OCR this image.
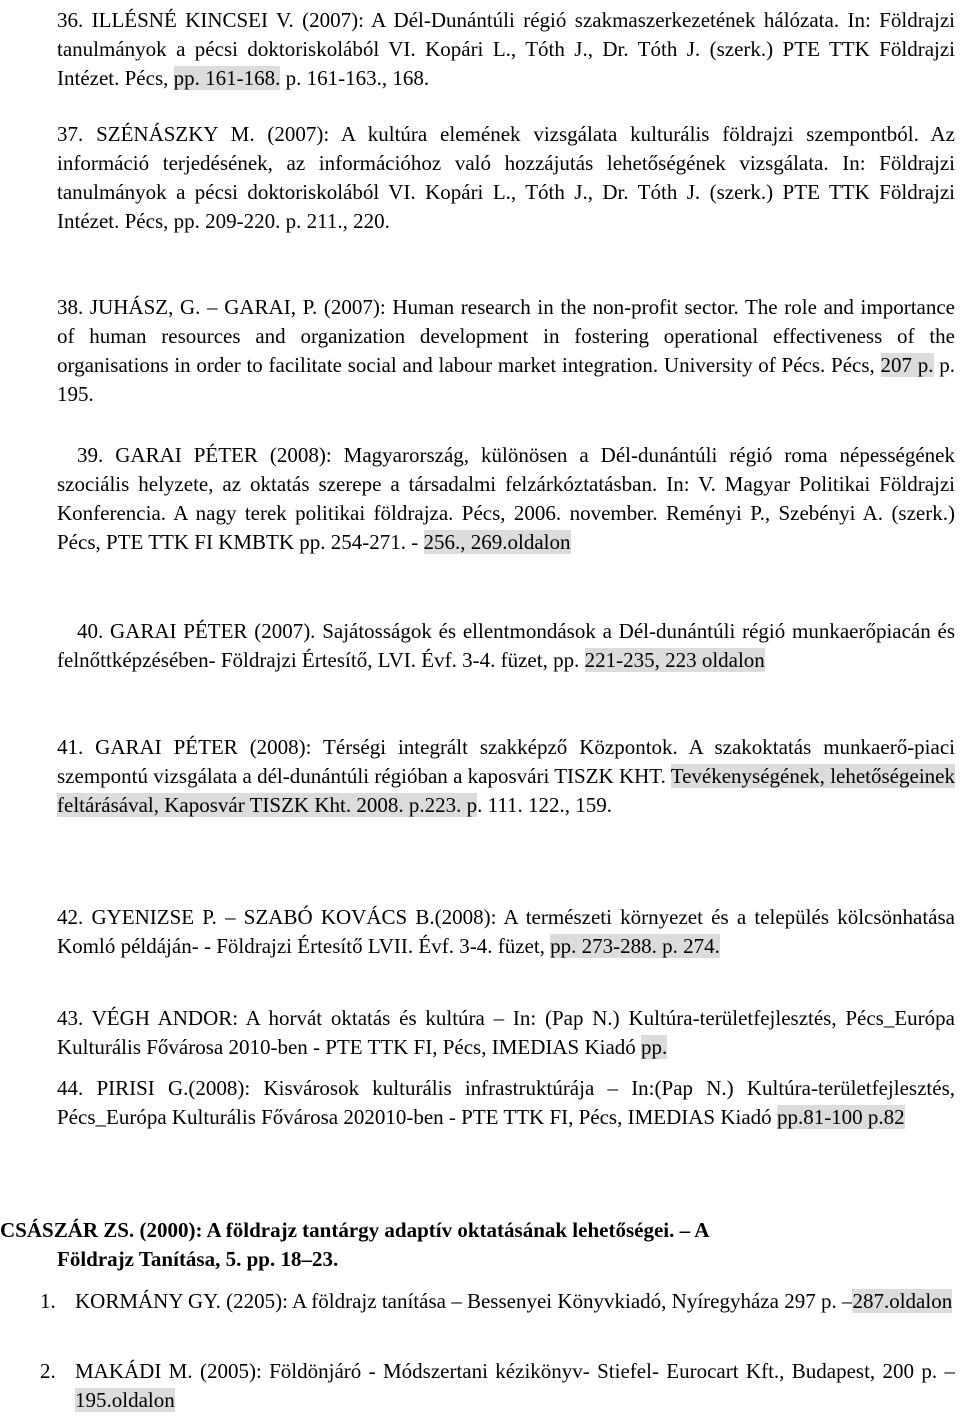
36. ILLÉSNÉ KINCSEI V. (2007): A Dél-Dunántúli régió szakmaszerkezetének hálózata. In: Földrajzi tanulmányok a pécsi doktoriskolából VI. Kopári L., Tóth J., Dr. Tóth J. (szerk.) PTE TTK Földrajzi Intézet. Pécs, pp. 161-168. p. 161-163., 168.

37. SZÉNÁSZKY M. (2007): A kultúra elemének vizsgálata kulturális földrajzi szempontból. Az információ terjedésének, az információhoz való hozzájutás lehetőségének vizsgálata. In: Földrajzi tanulmányok a pécsi doktoriskolából VI. Kopári L., Tóth J., Dr. Tóth J. (szerk.) PTE TTK Földrajzi Intézet. Pécs, pp. 209-220. p. 211., 220.

38. JUHÁSZ, G. – GARAI, P. (2007): Human research in the non-profit sector. The role and importance of human resources and organization development in fostering operational effectiveness of the organisations in order to facilitate social and labour market integration. University of Pécs. Pécs, 207 p. p. 195.

39. GARAI PÉTER (2008): Magyarország, különösen a Dél-dunántúli régió roma népességének szociális helyzete, az oktatás szerepe a társadalmi felzárkóztatásban. In: V. Magyar Politikai Földrajzi Konferencia. A nagy terek politikai földrajza. Pécs, 2006. november. Reményi P., Szebényi A. (szerk.) Pécs, PTE TTK FI KMBTK pp. 254-271. - 256., 269.oldalon

40. GARAI PÉTER (2007). Sajátosságok és ellentmondások a Dél-dunántúli régió munkaerőpiacán és felnőttképzésében- Földrajzi Értesítő, LVI. Évf. 3-4. füzet, pp. 221-235, 223 oldalon

41. GARAI PÉTER (2008): Térségi integrált szakképző Központok. A szakoktatás munkaerő-piaci szempontú vizsgálata a dél-dunántúli régióban a kaposvári TISZK KHT. Tevékenységének, lehetőségeinek feltárásával, Kaposvár TISZK Kht. 2008. p.223. p. 111. 122., 159.

42. GYENIZSE P. – SZABÓ KOVÁCS B.(2008): A természeti környezet és a település kölcsönhatása Komló példáján- - Földrajzi Értesítő LVII. Évf. 3-4. füzet, pp. 273-288. p. 274.

43. VÉGH ANDOR: A horvát oktatás és kultúra – In: (Pap N.) Kultúra-területfejlesztés, Pécs_Európa Kulturális Fővárosa 2010-ben - PTE TTK FI, Pécs, IMEDIAS Kiadó pp.

44. PIRISI G.(2008): Kisvárosok kulturális infrastruktúrája – In:(Pap N.) Kultúra-területfejlesztés, Pécs_Európa Kulturális Fővárosa 202010-ben - PTE TTK FI, Pécs, IMEDIAS Kiadó pp.81-100 p.82

CSÁSZÁR ZS. (2000): A földrajz tantárgy adaptív oktatásának lehetőségei. – A
Földrajz Tanítása, 5. pp. 18–23.
1. KORMÁNY GY. (2205): A földrajz tanítása – Bessenyei Könyvkiadó, Nyíregyháza 297 p. –287.oldalon
2. MAKÁDI M. (2005): Földönjáró - Módszertani kézikönyv- Stiefel- Eurocart Kft., Budapest, 200 p. – 195.oldalon
